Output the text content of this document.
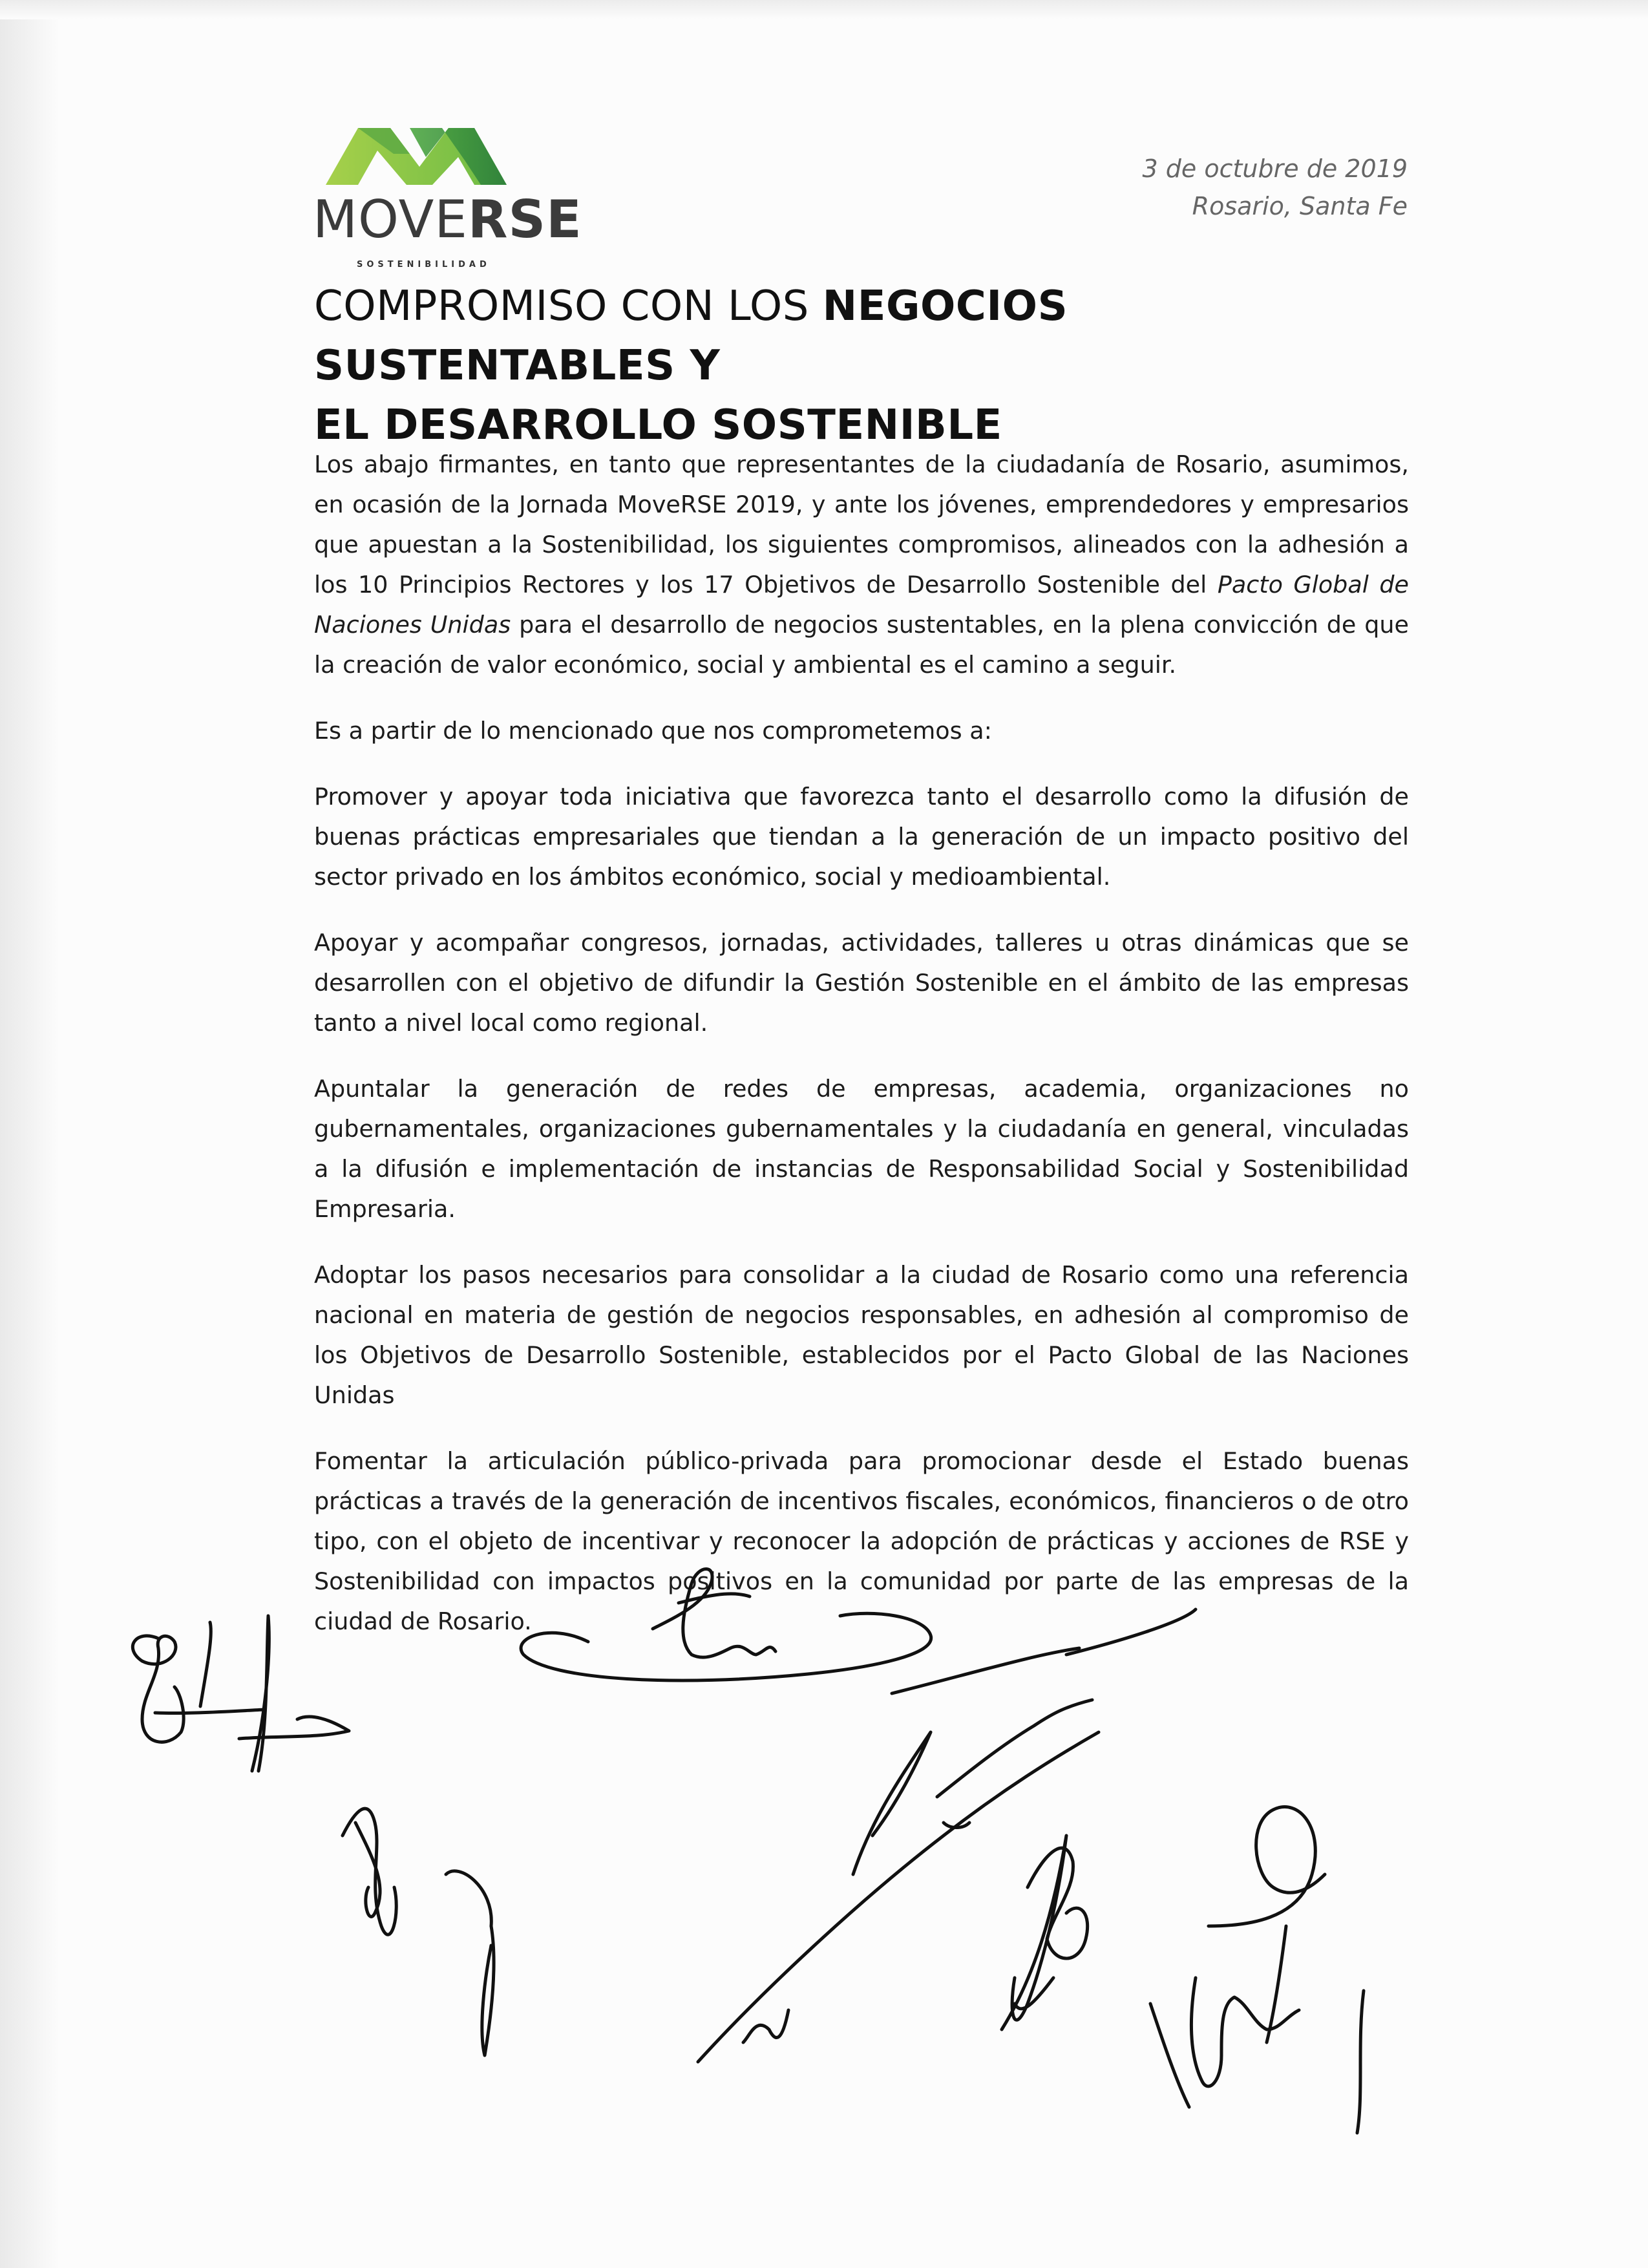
MOVERSE
SOSTENIBILIDAD
3 de octubre de 2019
Rosario, Santa Fe
COMPROMISO CON LOS NEGOCIOS SUSTENTABLES Y
EL DESARROLLO SOSTENIBLE

Los abajo firmantes, en tanto que representantes de la ciudadanía de Rosario, asumimos, en ocasión de la Jornada MoveRSE 2019, y ante los jóvenes, emprendedores y empresarios que apuestan a la Sostenibilidad, los siguientes compromisos, alineados con la adhesión a los 10 Principios Rectores y los 17 Objetivos de Desarrollo Sostenible del Pacto Global de Naciones Unidas para el desarrollo de negocios sustentables, en la plena convicción de que la creación de valor económico, social y ambiental es el camino a seguir.

Es a partir de lo mencionado que nos comprometemos a:

Promover y apoyar toda iniciativa que favorezca tanto el desarrollo como la difusión de buenas prácticas empresariales que tiendan a la generación de un impacto positivo del sector privado en los ámbitos económico, social y medioambiental.

Apoyar y acompañar congresos, jornadas, actividades, talleres u otras dinámicas que se desarrollen con el objetivo de difundir la Gestión Sostenible en el ámbito de las empresas tanto a nivel local como regional.

Apuntalar la generación de redes de empresas, academia, organizaciones no gubernamentales, organizaciones gubernamentales y la ciudadanía en general, vinculadas a la difusión e implementación de instancias de Responsabilidad Social y Sostenibilidad Empresaria.

Adoptar los pasos necesarios para consolidar a la ciudad de Rosario como una referencia nacional en materia de gestión de negocios responsables, en adhesión al compromiso de los Objetivos de Desarrollo Sostenible, establecidos por el Pacto Global de las Naciones Unidas

Fomentar la articulación público-privada para promocionar desde el Estado buenas prácticas a través de la generación de incentivos fiscales, económicos, financieros o de otro tipo, con el objeto de incentivar y reconocer la adopción de prácticas y acciones de RSE y Sostenibilidad con impactos positivos en la comunidad por parte de las empresas de la ciudad de Rosario.
